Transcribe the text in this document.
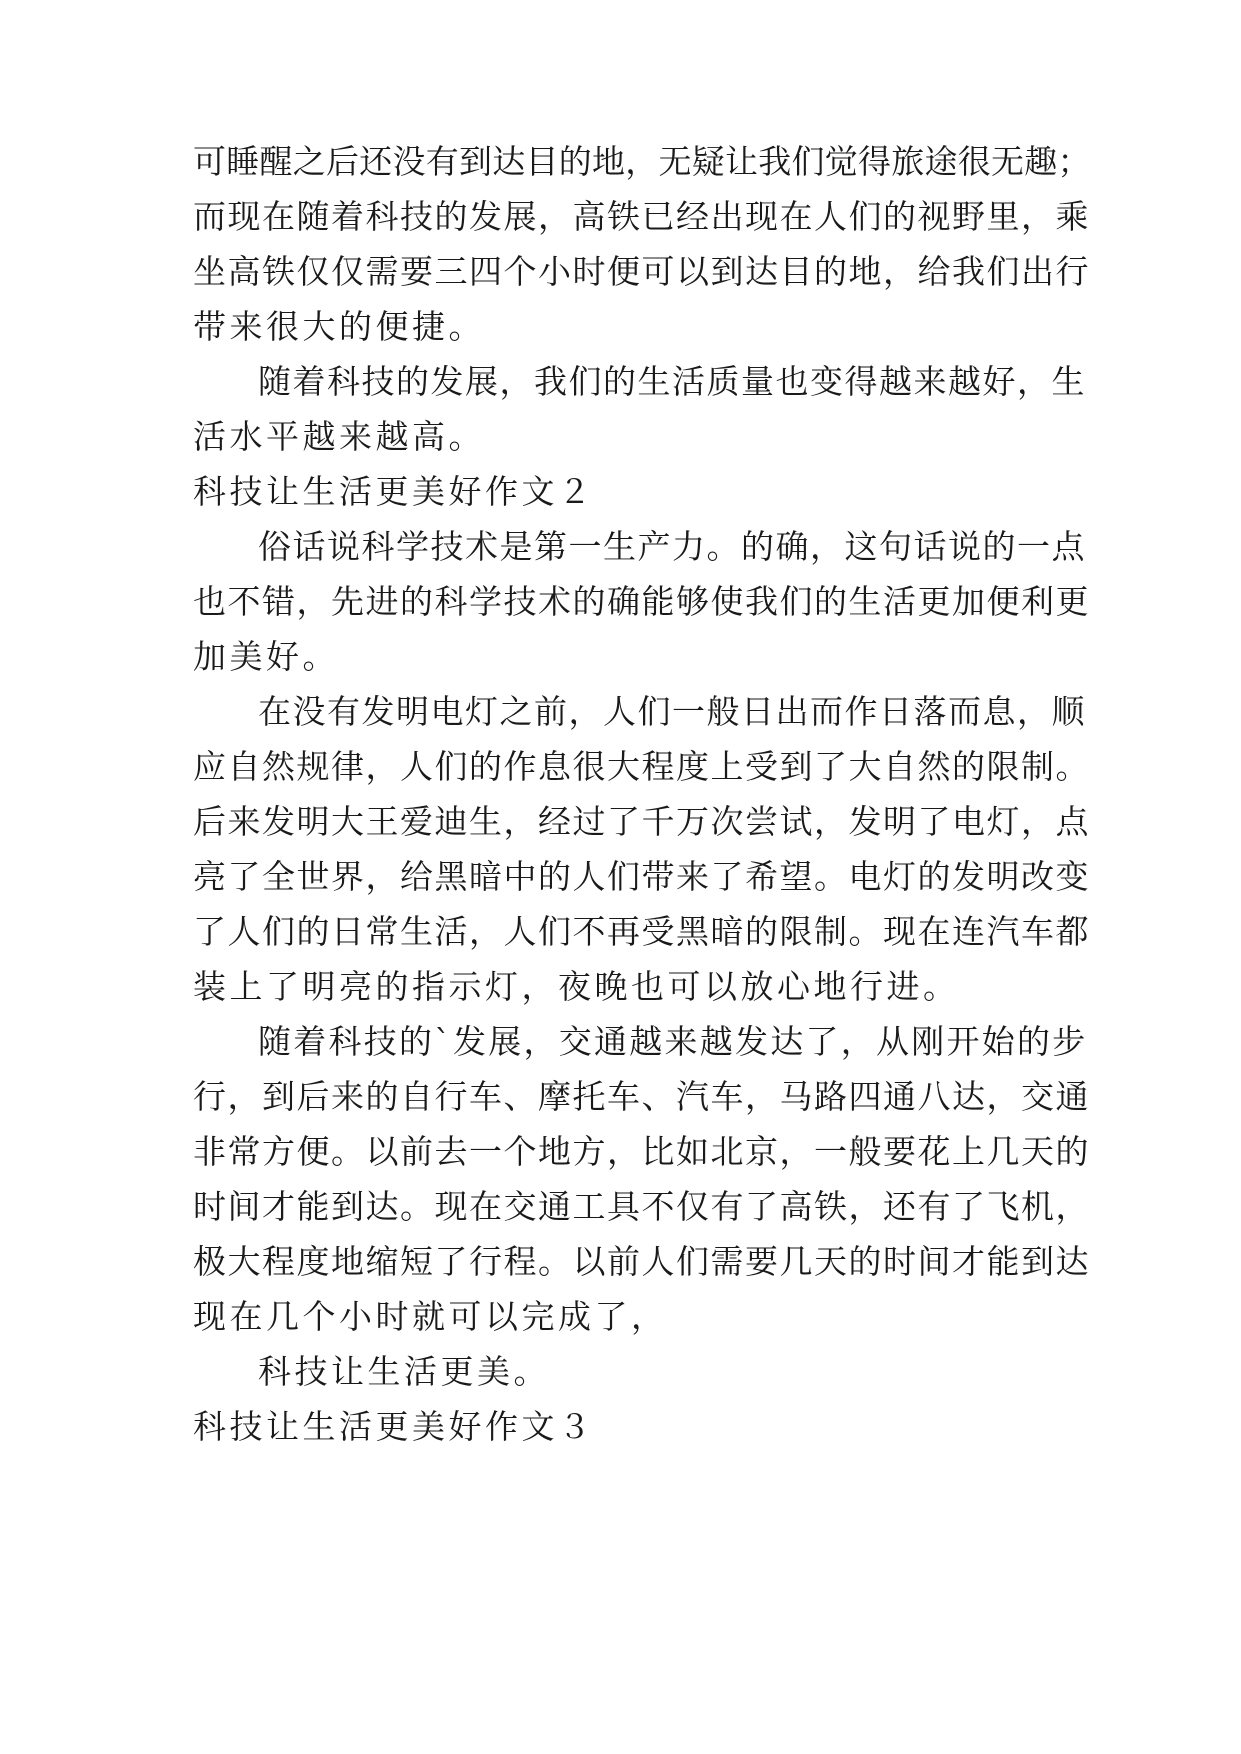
可睡醒之后还没有到达目的地，无疑让我们觉得旅途很无趣；
而现在随着科技的发展，高铁已经出现在人们的视野里，乘
坐高铁仅仅需要三四个小时便可以到达目的地，给我们出行
带来很大的便捷。
随着科技的发展，我们的生活质量也变得越来越好，生
活水平越来越高。
科技让生活更美好作文２
俗话说科学技术是第一生产力。的确，这句话说的一点
也不错，先进的科学技术的确能够使我们的生活更加便利更
加美好。
在没有发明电灯之前，人们一般日出而作日落而息，顺
应自然规律，人们的作息很大程度上受到了大自然的限制。
后来发明大王爱迪生，经过了千万次尝试，发明了电灯，点
亮了全世界，给黑暗中的人们带来了希望。电灯的发明改变
了人们的日常生活，人们不再受黑暗的限制。现在连汽车都
装上了明亮的指示灯，夜晚也可以放心地行进。
随着科技的`发展，交通越来越发达了，从刚开始的步
行，到后来的自行车、摩托车、汽车，马路四通八达，交通
非常方便。以前去一个地方，比如北京，一般要花上几天的
时间才能到达。现在交通工具不仅有了高铁，还有了飞机，
极大程度地缩短了行程。以前人们需要几天的时间才能到达
现在几个小时就可以完成了，
科技让生活更美。
科技让生活更美好作文３
